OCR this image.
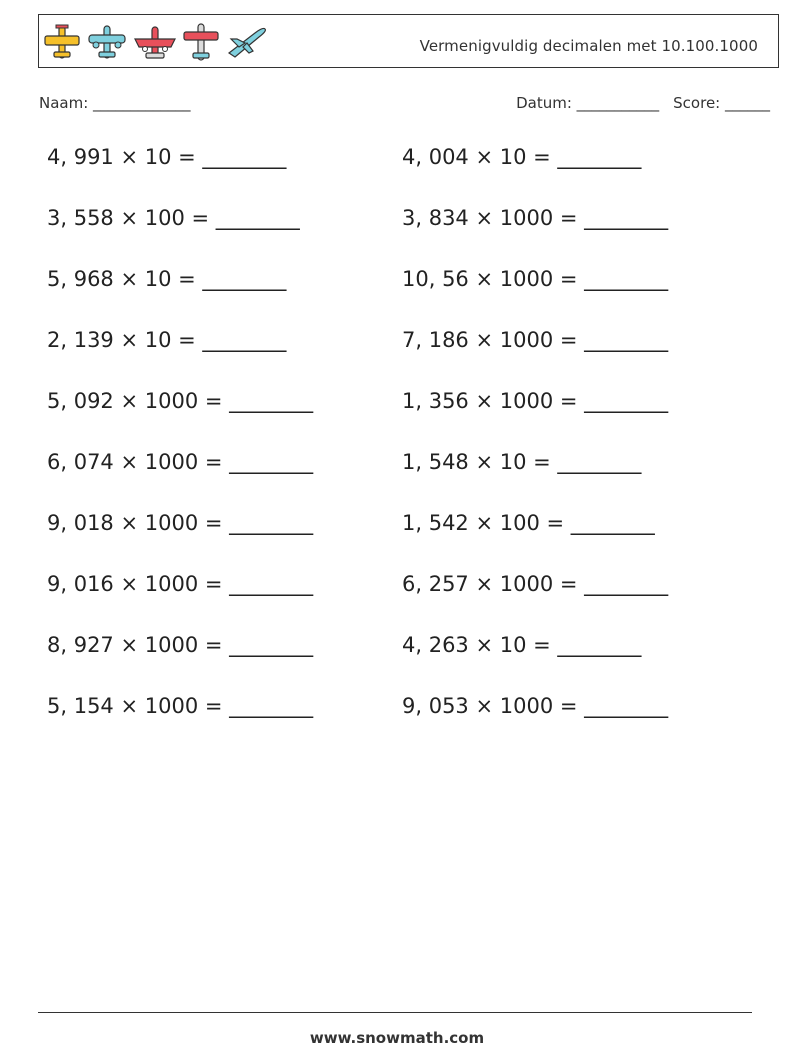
Vermenigvuldig decimalen met 10.100.1000
Naam: _____________	Datum: ___________ Score: ______
4, 991 × 10 = ________	4, 004 × 10 = ________
3, 558 × 100 = ________	3, 834 × 1000 = ________
5, 968 × 10 = ________	10, 56 × 1000 = ________
2, 139 × 10 = ________	7, 186 × 1000 = ________
5, 092 × 1000 = ________	1, 356 × 1000 = ________
6, 074 × 1000 = ________	1, 548 × 10 = ________
9, 018 × 1000 = ________	1, 542 × 100 = ________
9, 016 × 1000 = ________	6, 257 × 1000 = ________
8, 927 × 1000 = ________	4, 263 × 10 = ________
5, 154 × 1000 = ________	9, 053 × 1000 = ________
www.snowmath.com
